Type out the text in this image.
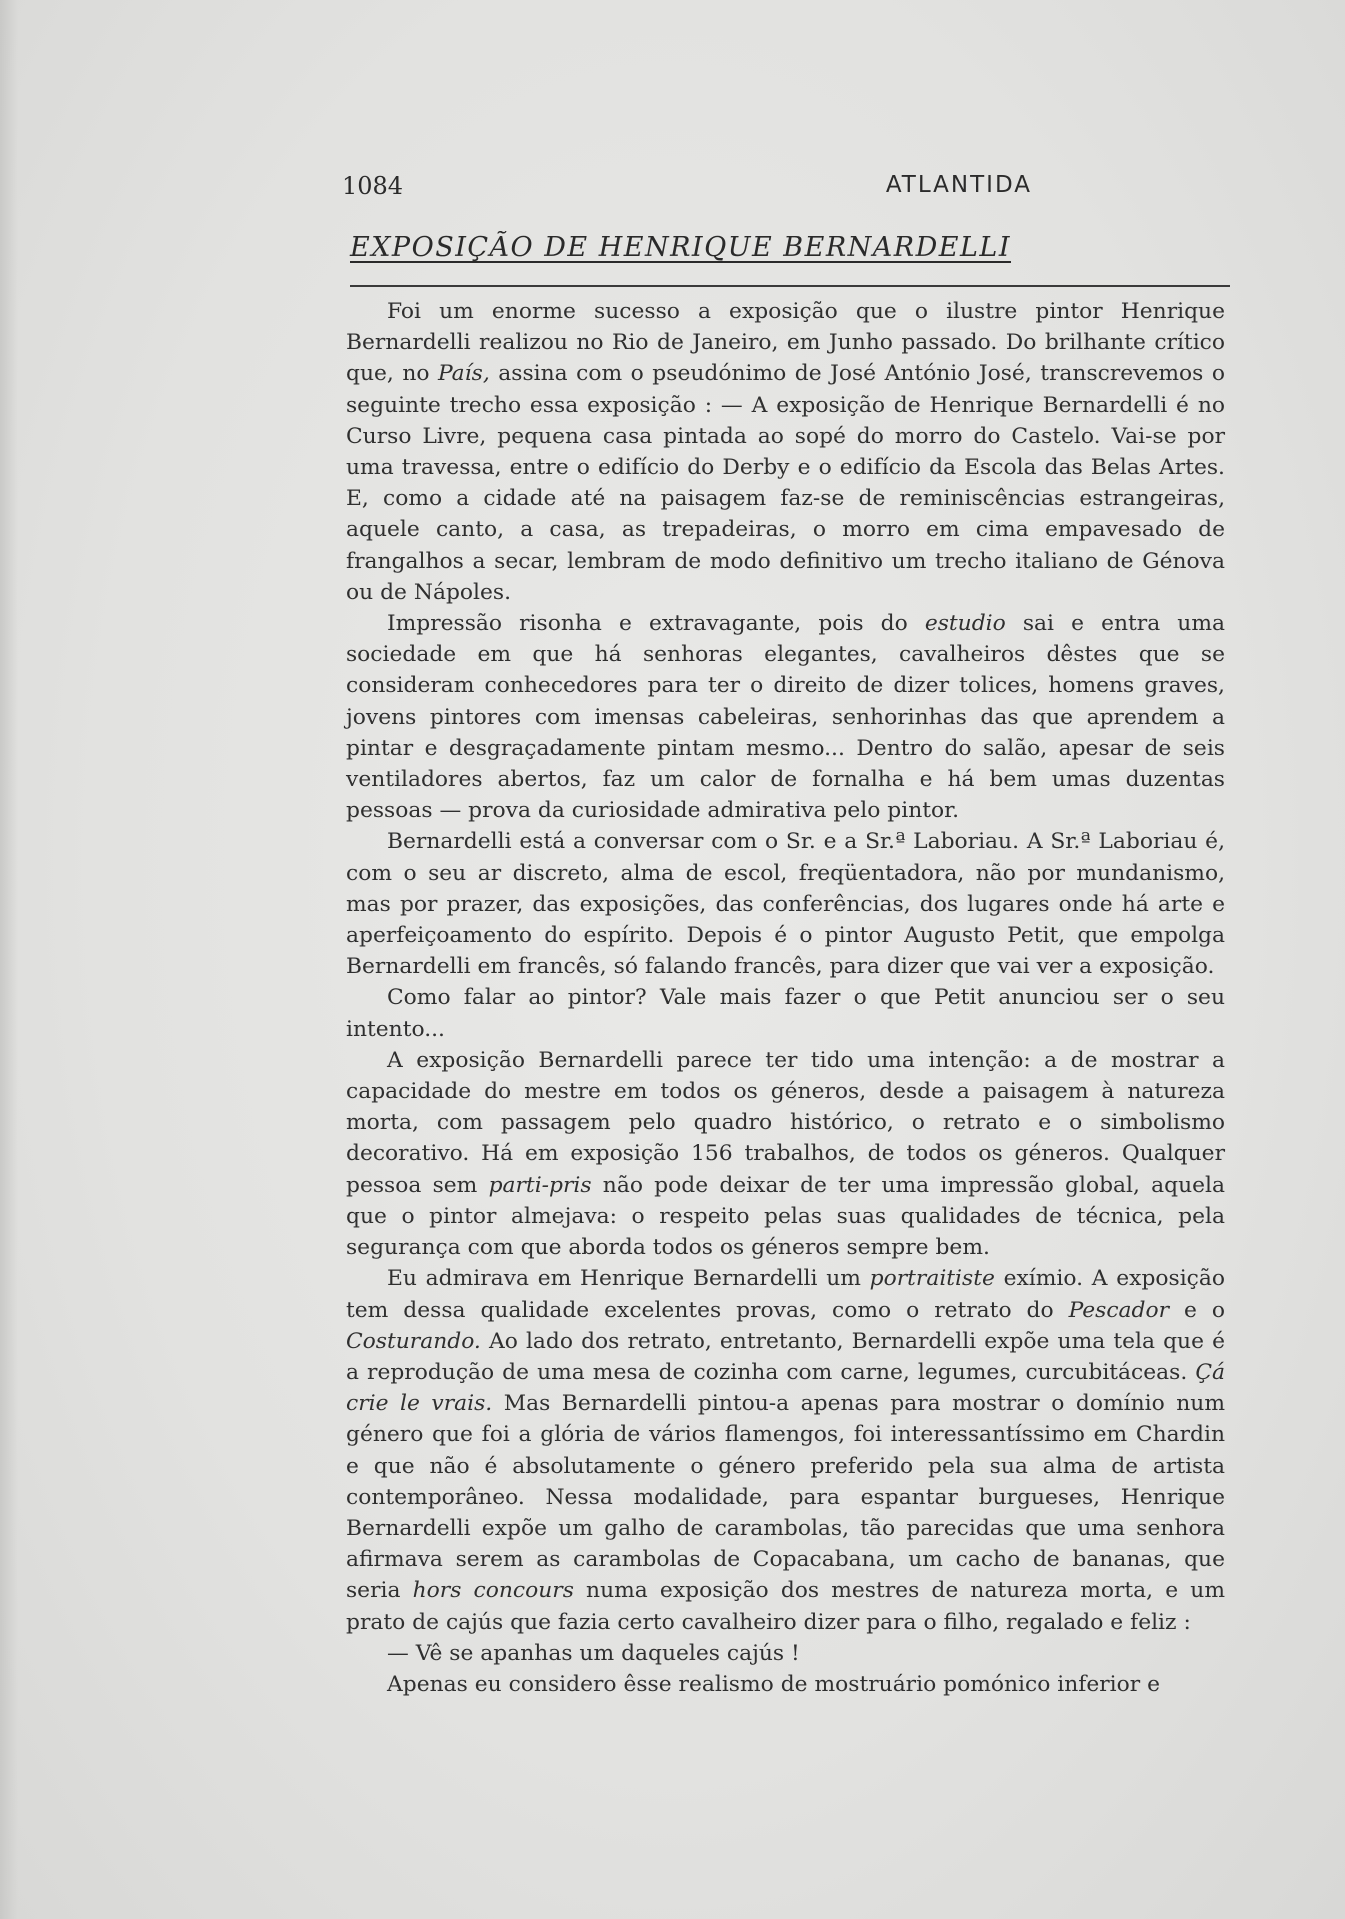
1084	ATLANTIDA
EXPOSIÇÃO DE HENRIQUE BERNARDELLI

Foi um enorme sucesso a exposição que o ilustre pintor Henrique Bernardelli realizou no Rio de Janeiro, em Junho passado. Do brilhante crítico que, no País, assina com o pseudónimo de José António José, transcrevemos o seguinte trecho essa exposição : — A exposição de Henrique Bernardelli é no Curso Livre, pequena casa pintada ao sopé do morro do Castelo. Vai-se por uma travessa, entre o edifício do Derby e o edifício da Escola das Belas Artes. E, como a cidade até na paisagem faz-se de reminiscências estrangeiras, aquele canto, a casa, as trepadeiras, o morro em cima empavesado de frangalhos a secar, lembram de modo definitivo um trecho italiano de Génova ou de Nápoles.

Impressão risonha e extravagante, pois do estudio sai e entra uma sociedade em que há senhoras elegantes, cavalheiros dêstes que se consideram conhecedores para ter o direito de dizer tolices, homens graves, jovens pintores com imensas cabeleiras, senhorinhas das que aprendem a pintar e desgraçadamente pintam mesmo... Dentro do salão, apesar de seis ventiladores abertos, faz um calor de fornalha e há bem umas duzentas pessoas — prova da curiosidade admirativa pelo pintor.

Bernardelli está a conversar com o Sr. e a Sr.ª Laboriau. A Sr.ª Laboriau é, com o seu ar discreto, alma de escol, freqüentadora, não por mundanismo, mas por prazer, das exposições, das conferências, dos lugares onde há arte e aperfeiçoamento do espírito. Depois é o pintor Augusto Petit, que empolga Bernardelli em francês, só falando francês, para dizer que vai ver a exposição.

Como falar ao pintor? Vale mais fazer o que Petit anunciou ser o seu intento...

A exposição Bernardelli parece ter tido uma intenção: a de mostrar a capacidade do mestre em todos os géneros, desde a paisagem à natureza morta, com passagem pelo quadro histórico, o retrato e o simbolismo decorativo. Há em exposição 156 trabalhos, de todos os géneros. Qualquer pessoa sem parti-pris não pode deixar de ter uma impressão global, aquela que o pintor almejava: o respeito pelas suas qualidades de técnica, pela segurança com que aborda todos os géneros sempre bem.

Eu admirava em Henrique Bernardelli um portraitiste exímio. A exposição tem dessa qualidade excelentes provas, como o retrato do Pescador e o Costurando. Ao lado dos retrato, entretanto, Bernardelli expõe uma tela que é a reprodução de uma mesa de cozinha com carne, legumes, curcubitáceas. Çá crie le vrais. Mas Bernardelli pintou-a apenas para mostrar o domínio num género que foi a glória de vários flamengos, foi interessantíssimo em Chardin e que não é absolutamente o género preferido pela sua alma de artista contemporâneo. Nessa modalidade, para espantar burgueses, Henrique Bernardelli expõe um galho de carambolas, tão parecidas que uma senhora afirmava serem as carambolas de Copacabana, um cacho de bananas, que seria hors concours numa exposição dos mestres de natureza morta, e um prato de cajús que fazia certo cavalheiro dizer para o filho, regalado e feliz :

— Vê se apanhas um daqueles cajús !

Apenas eu considero êsse realismo de mostruário pomónico inferior e
